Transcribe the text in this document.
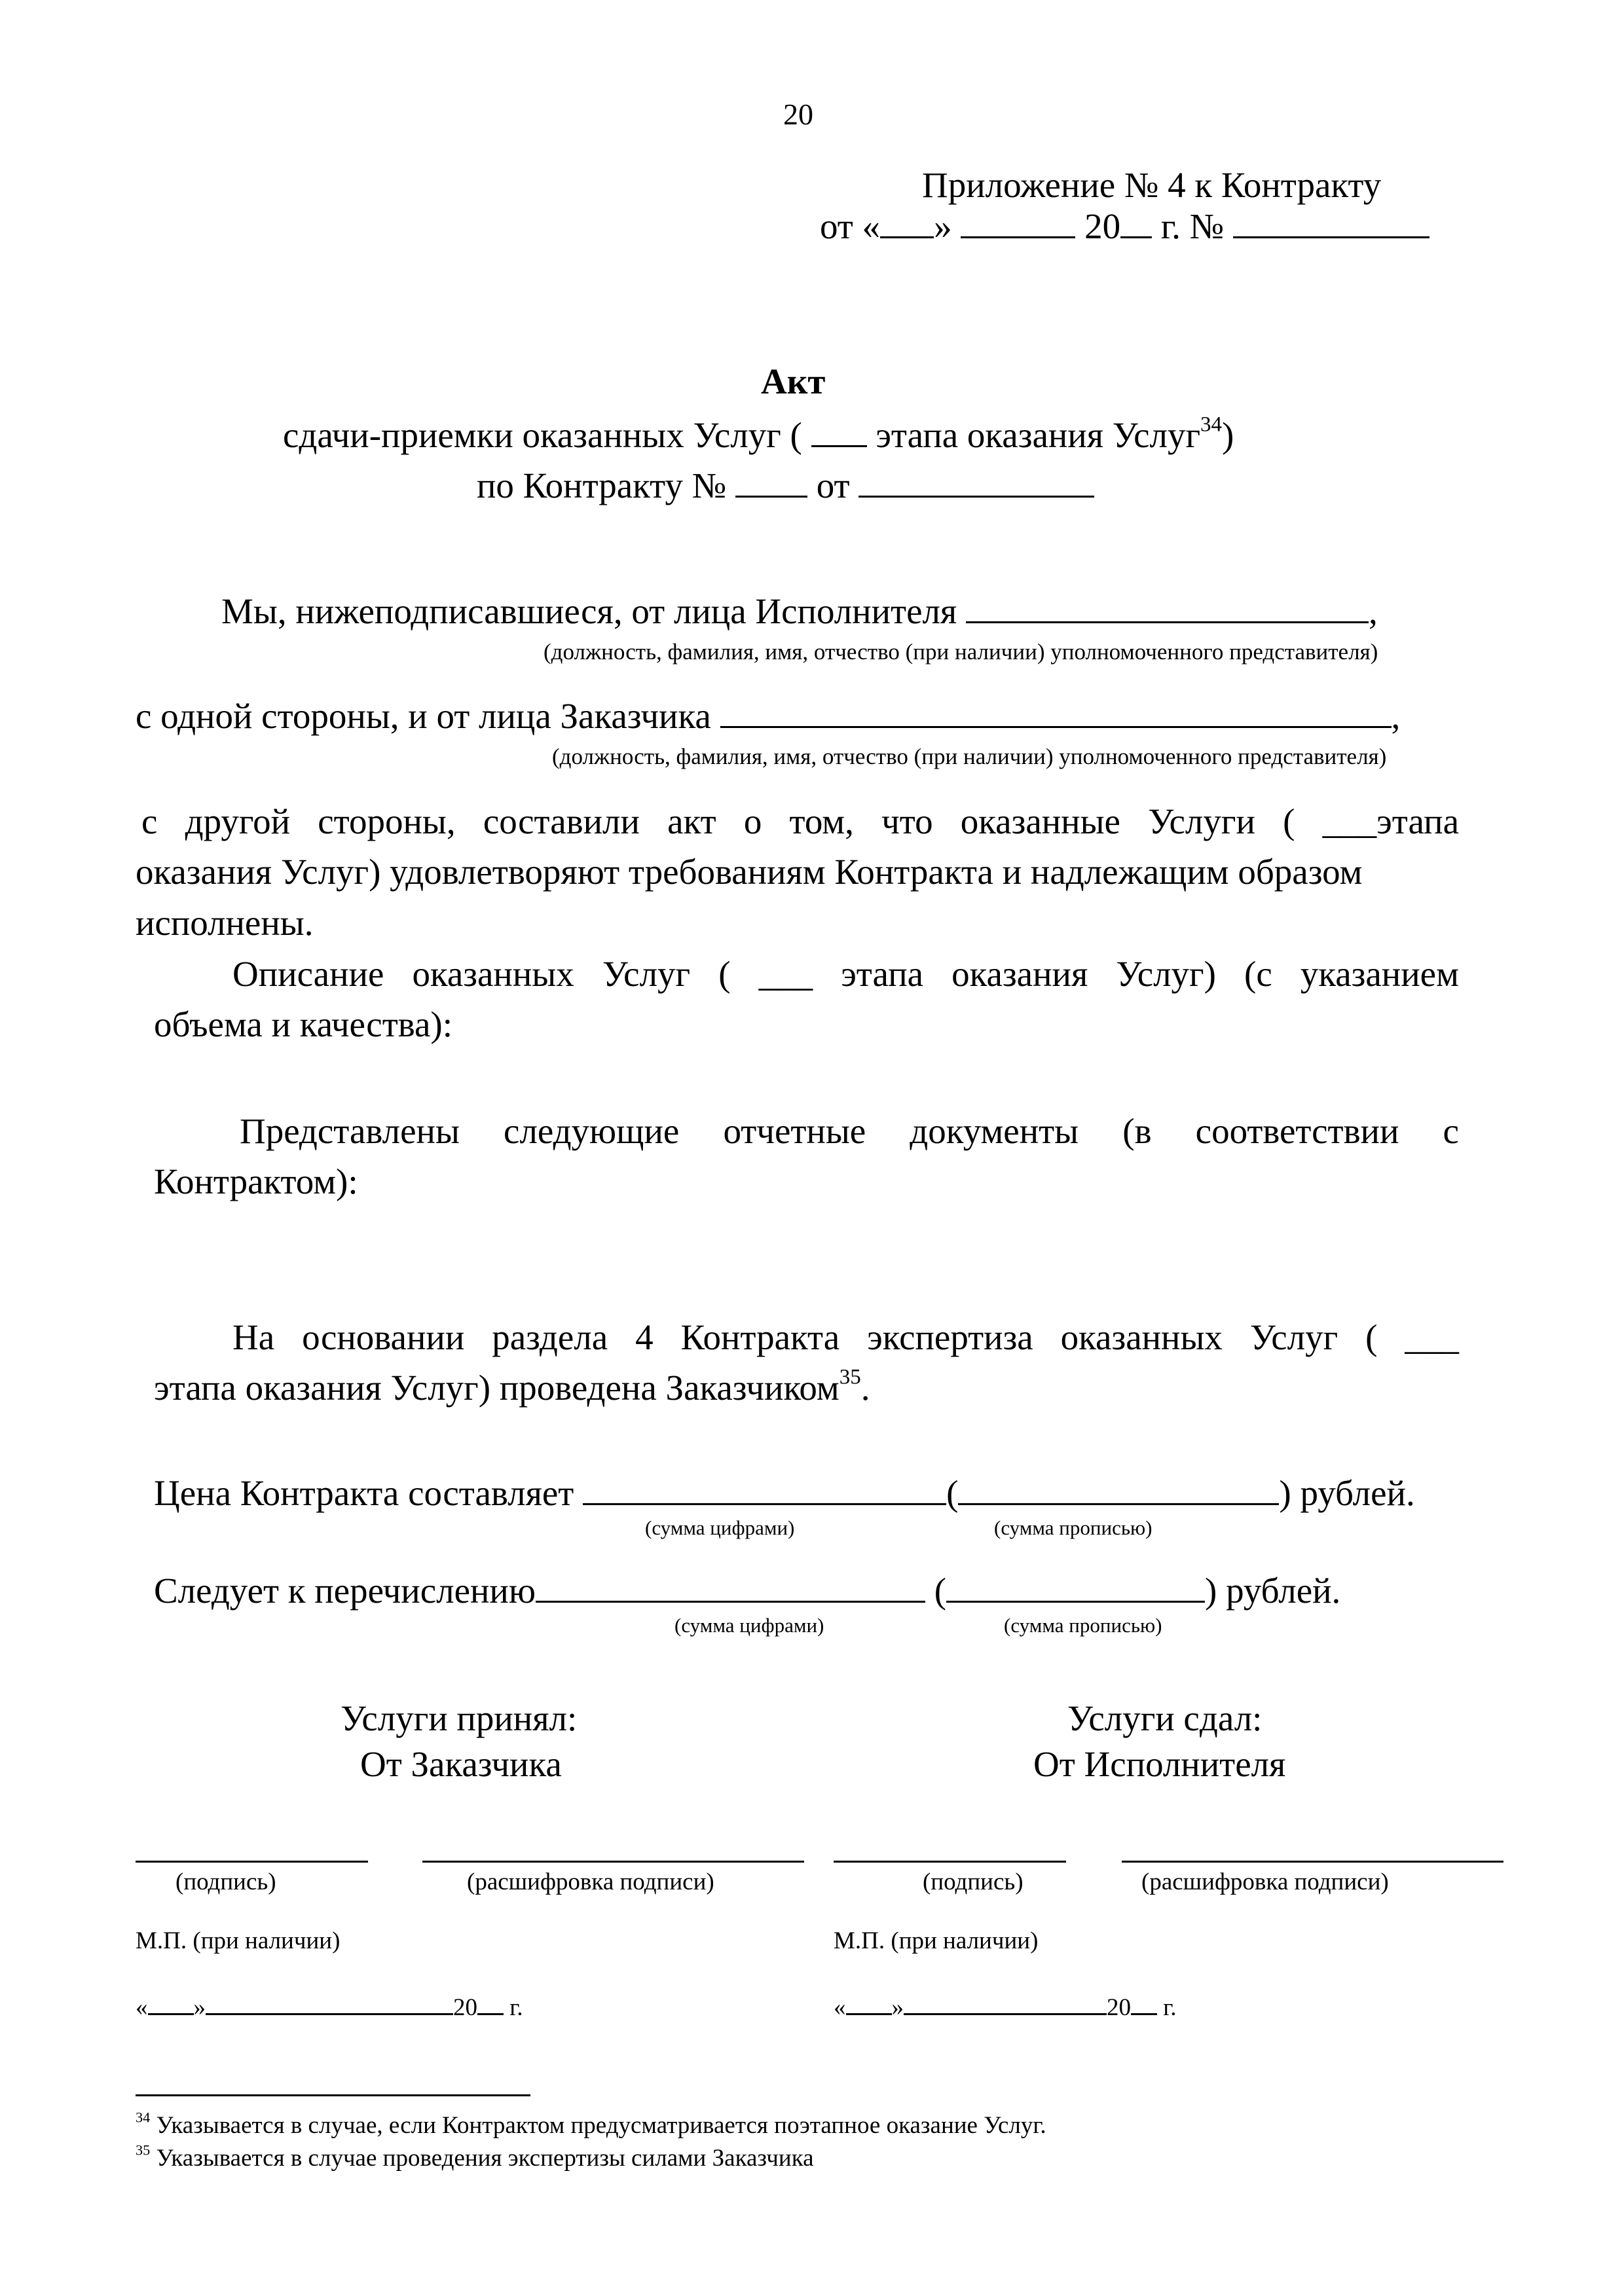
20
Приложение № 4 к Контракту
от « »	20 г. №
Акт
сдачи-приемки оказанных Услуг ( этапа оказания Услуг$^{34}$)
по Контракту №	от
Мы, нижеподписавшиеся, от лица Исполнителя	,
(должность, фамилия, имя, отчество (при наличии) уполномоченного представителя)
с одной стороны, и от лица Заказчика	,
(должность, фамилия, имя, отчество (при наличии) уполномоченного представителя)
с другой стороны, составили акт о том, что оказанные Услуги ( ___этапа
оказания Услуг) удовлетворяют требованиям Контракта и надлежащим образом
исполнены.
Описание оказанных Услуг ( ___ этапа оказания Услуг) (с указанием
объема и качества):
Представлены следующие отчетные документы (в соответствии с
Контрактом):
На основании раздела 4 Контракта экспертиза оказанных Услуг ( ___
этапа оказания Услуг) проведена Заказчиком$^{35}$.
Цена Контракта составляет	(	) рублей.
(сумма цифрами)	(сумма прописью)
Следует к перечислению	(	) рублей.
(сумма цифрами)	(сумма прописью)
Услуги принял:
От Заказчика
Услуги сдал:
От Исполнителя
(подпись)	(расшифровка подписи)	(подпись)	(расшифровка подписи)
М.П. (при наличии)	М.П. (при наличии)
« »	20 г.	« »	20 г.
$^{34}$ Указывается в случае, если Контрактом предусматривается поэтапное оказание Услуг.
$^{35}$ Указывается в случае проведения экспертизы силами Заказчика
